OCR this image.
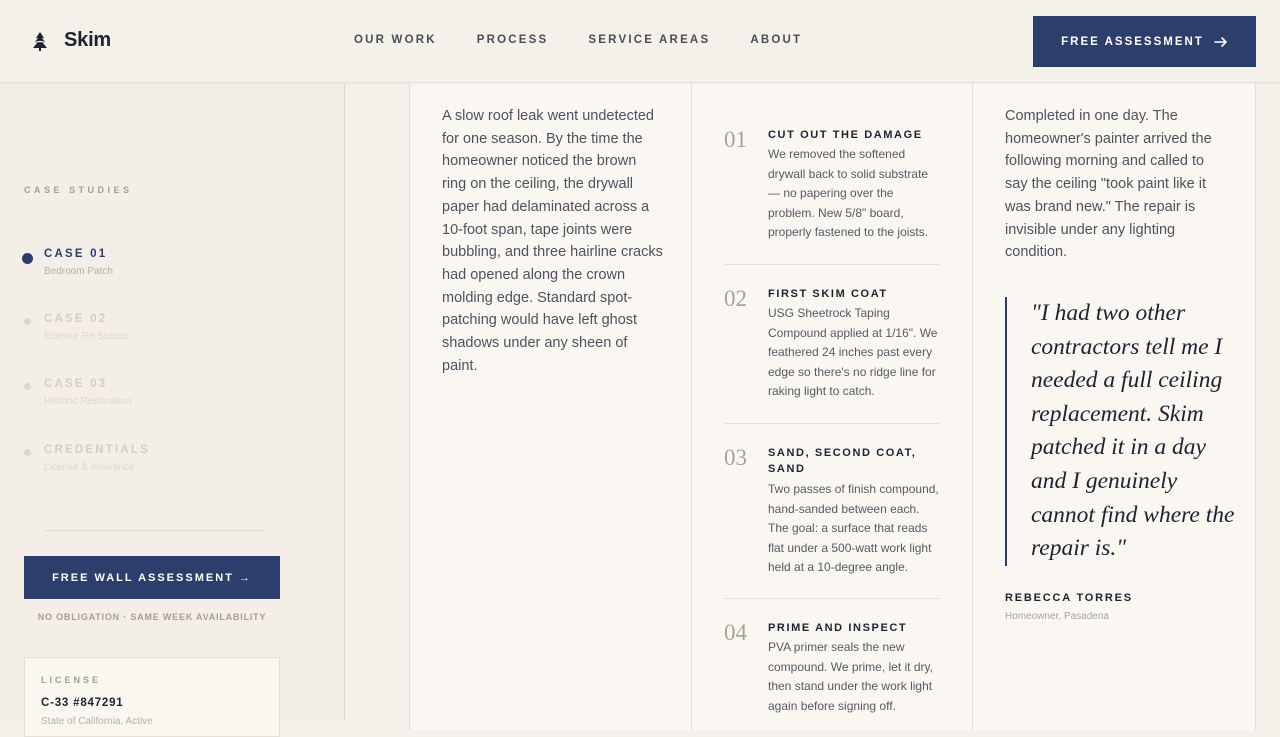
A slow roof leak went undetected for one season. By the time the homeowner noticed the brown ring on the ceiling, the drywall paper had delaminated across a 10-foot span, tape joints were bubbling, and three hairline cracks had opened along the crown molding edge. Standard spot-patching would have left ghost shadows under any sheen of paint.

01 CUT OUT THE DAMAGE
We removed the softened drywall back to solid substrate — no papering over the problem. New 5/8" board, properly fastened to the joists.
02 FIRST SKIM COAT
USG Sheetrock Taping Compound applied at 1/16". We feathered 24 inches past every edge so there's no ridge line for raking light to catch.
03 SAND, SECOND COAT, SAND
Two passes of finish compound, hand-sanded between each. The goal: a surface that reads flat under a 500-watt work light held at a 10-degree angle.
04 PRIME AND INSPECT
PVA primer seals the new compound. We prime, let it dry, then stand under the work light again before signing off.

Completed in one day. The homeowner's painter arrived the following morning and called to say the ceiling "took paint like it was brand new." The repair is invisible under any lighting condition.

"I had two other contractors tell me I needed a full ceiling replacement. Skim patched it in a day and I genuinely cannot find where the repair is."
REBECCA TORRES
Homeowner, Pasadena
CASE STUDIES
CASE 01
Bedroom Patch
CASE 02
Exterior Re-Stucco
CASE 03
Historic Restoration
CREDENTIALS
License & Insurance
FREE WALL ASSESSMENT →
NO OBLIGATION · SAME WEEK AVAILABILITY
LICENSE
C-33 #847291
State of California, Active
Skim	OUR WORK	PROCESS	SERVICE AREAS	ABOUT	FREE ASSESSMENT
